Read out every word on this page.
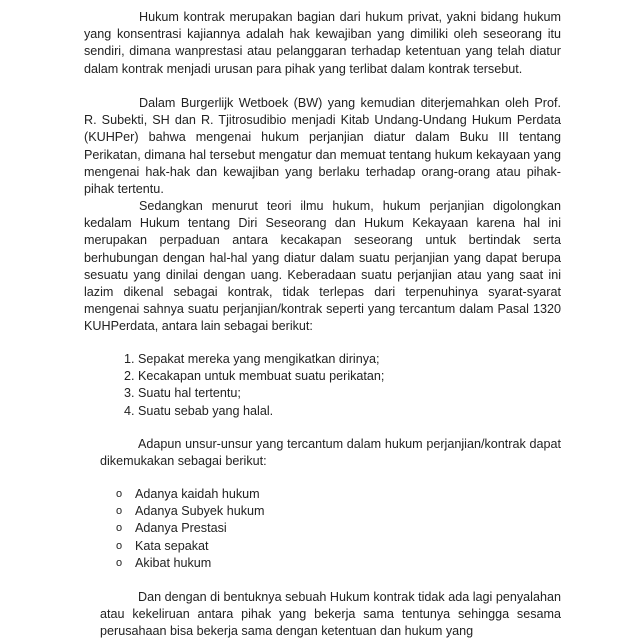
Hukum kontrak merupakan bagian dari hukum privat, yakni bidang hukum yang konsentrasi kajiannya adalah hak kewajiban yang dimiliki oleh seseorang itu sendiri, dimana wanprestasi atau pelanggaran terhadap ketentuan yang telah diatur dalam kontrak menjadi urusan para pihak yang terlibat dalam kontrak tersebut.

Dalam Burgerlijk Wetboek (BW) yang kemudian diterjemahkan oleh Prof. R. Subekti, SH dan R. Tjitrosudibio menjadi Kitab Undang-Undang Hukum Perdata (KUHPer) bahwa mengenai hukum perjanjian diatur dalam Buku III tentang Perikatan, dimana hal tersebut mengatur dan memuat tentang hukum kekayaan yang mengenai hak-hak dan kewajiban yang berlaku terhadap orang-orang atau pihak-pihak tertentu.

Sedangkan menurut teori ilmu hukum, hukum perjanjian digolongkan kedalam Hukum tentang Diri Seseorang dan Hukum Kekayaan karena hal ini merupakan perpaduan antara kecakapan seseorang untuk bertindak serta berhubungan dengan hal-hal yang diatur dalam suatu perjanjian yang dapat berupa sesuatu yang dinilai dengan uang. Keberadaan suatu perjanjian atau yang saat ini lazim dikenal sebagai kontrak, tidak terlepas dari terpenuhinya syarat-syarat mengenai sahnya suatu perjanjian/kontrak seperti yang tercantum dalam Pasal 1320 KUHPerdata, antara lain sebagai berikut:

1. Sepakat mereka yang mengikatkan dirinya;
2. Kecakapan untuk membuat suatu perikatan;
3. Suatu hal tertentu;
4. Suatu sebab yang halal.

Adapun unsur-unsur yang tercantum dalam hukum perjanjian/kontrak dapat dikemukakan sebagai berikut:

o Adanya kaidah hukum
o Adanya Subyek hukum
o Adanya Prestasi
o Kata sepakat
o Akibat hukum

Dan dengan di bentuknya sebuah Hukum kontrak tidak ada lagi penyalahan atau kekeliruan antara pihak yang bekerja sama tentunya sehingga sesama perusahaan bisa bekerja sama dengan ketentuan dan hukum yang
